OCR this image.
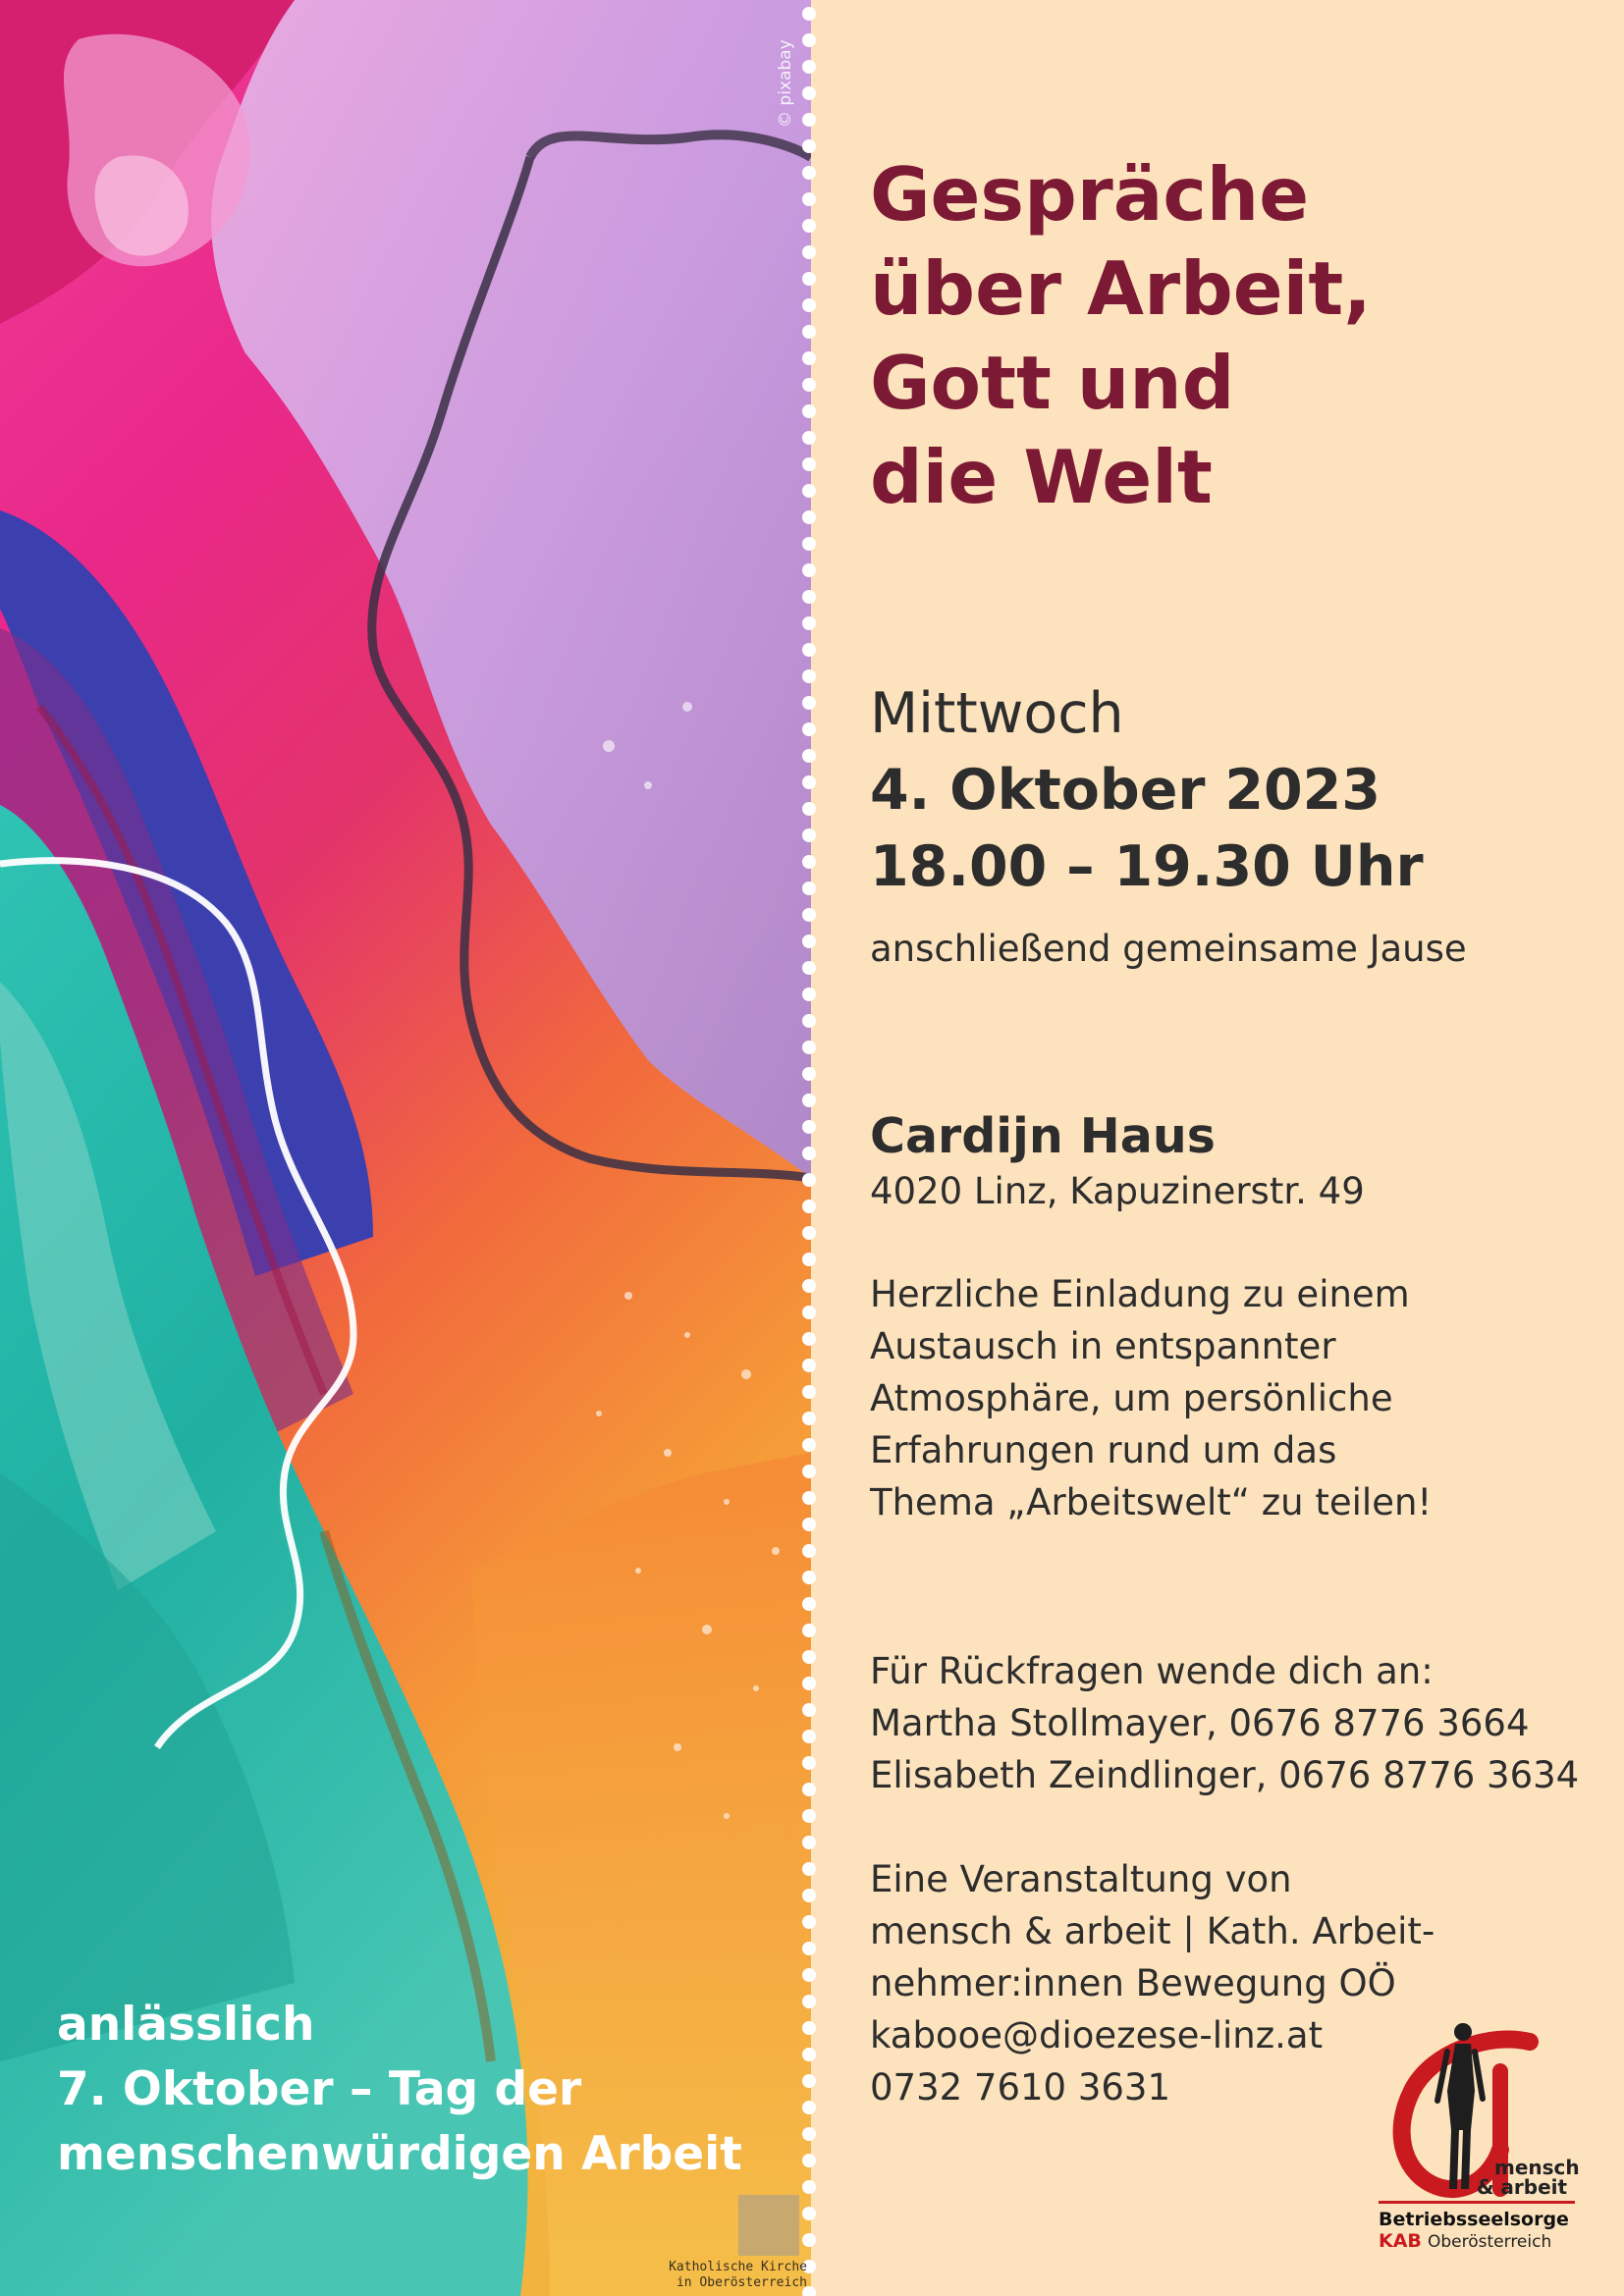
© pixabay
anlässlich
7. Oktober – Tag der
menschenwürdigen Arbeit
Katholische Kirche
in Oberösterreich
Gespräche
über Arbeit,
Gott und
die Welt
Mittwoch
4. Oktober 2023
18.00 – 19.30 Uhr
anschließend gemeinsame Jause
Cardijn Haus
4020 Linz, Kapuzinerstr. 49
Herzliche Einladung zu einem
Austausch in entspannter
Atmosphäre, um persönliche
Erfahrungen rund um das
Thema „Arbeitswelt“ zu teilen!
Für Rückfragen wende dich an:
Martha Stollmayer, 0676 8776 3664
Elisabeth Zeindlinger, 0676 8776 3634
Eine Veranstaltung von
mensch & arbeit | Kath. Arbeit-
nehmer:innen Bewegung OÖ
kabooe@dioezese-linz.at
0732 7610 3631
mensch
& arbeit
Betriebsseelsorge
KAB Oberösterreich
